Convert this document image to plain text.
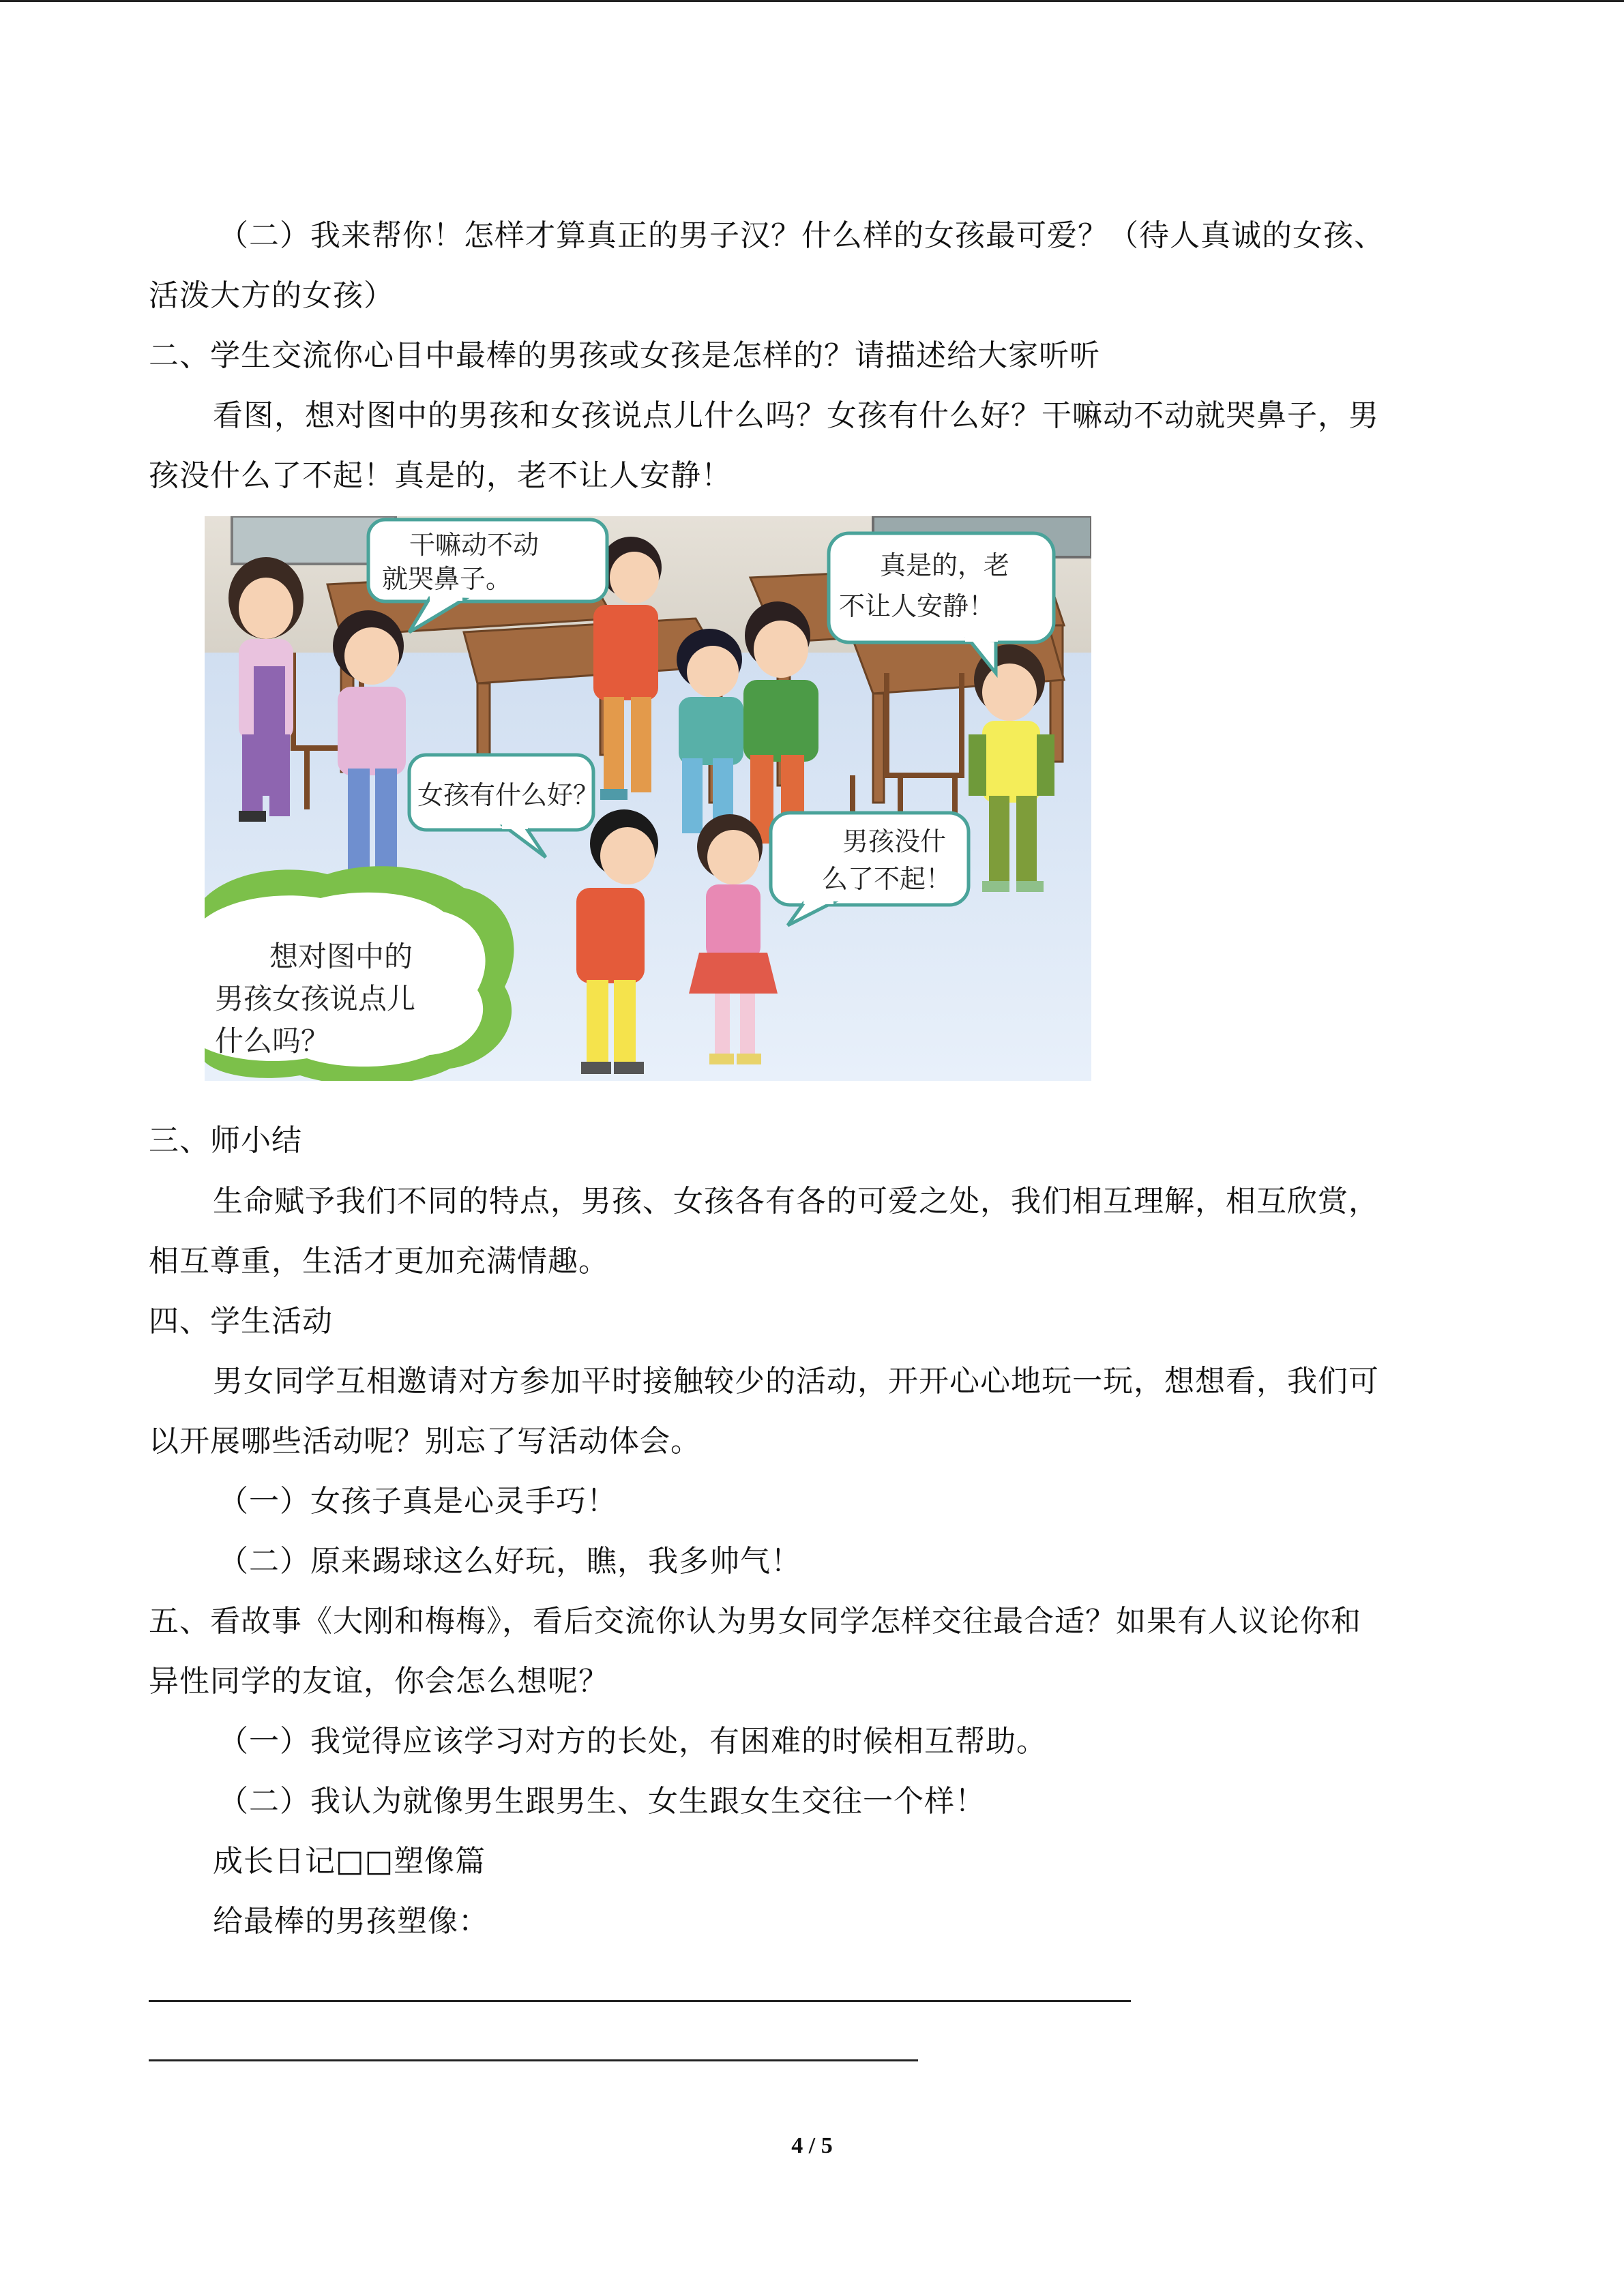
（二）我来帮你！怎样才算真正的男子汉？什么样的女孩最可爱？（待人真诚的女孩、
活泼大方的女孩）
二、学生交流你心目中最棒的男孩或女孩是怎样的？请描述给大家听听
看图，想对图中的男孩和女孩说点儿什么吗？女孩有什么好？干嘛动不动就哭鼻子，男
孩没什么了不起！真是的，老不让人安静！
干嘛动不动
就哭鼻子。	真是的，老
不让人安静！
女孩有什么好？
男孩没什
么了不起！
想对图中的
男孩女孩说点儿
什么吗？
三、师小结
生命赋予我们不同的特点，男孩、女孩各有各的可爱之处，我们相互理解，相互欣赏，
相互尊重，生活才更加充满情趣。
四、学生活动
男女同学互相邀请对方参加平时接触较少的活动，开开心心地玩一玩，想想看，我们可
以开展哪些活动呢？别忘了写活动体会。
（一）女孩子真是心灵手巧！
（二）原来踢球这么好玩，瞧，我多帅气！
五、看故事《大刚和梅梅》，看后交流你认为男女同学怎样交往最合适？如果有人议论你和
异性同学的友谊，你会怎么想呢？
（一）我觉得应该学习对方的长处，有困难的时候相互帮助。
（二）我认为就像男生跟男生、女生跟女生交往一个样！
成长日记□□塑像篇
给最棒的男孩塑像：
4 / 5
